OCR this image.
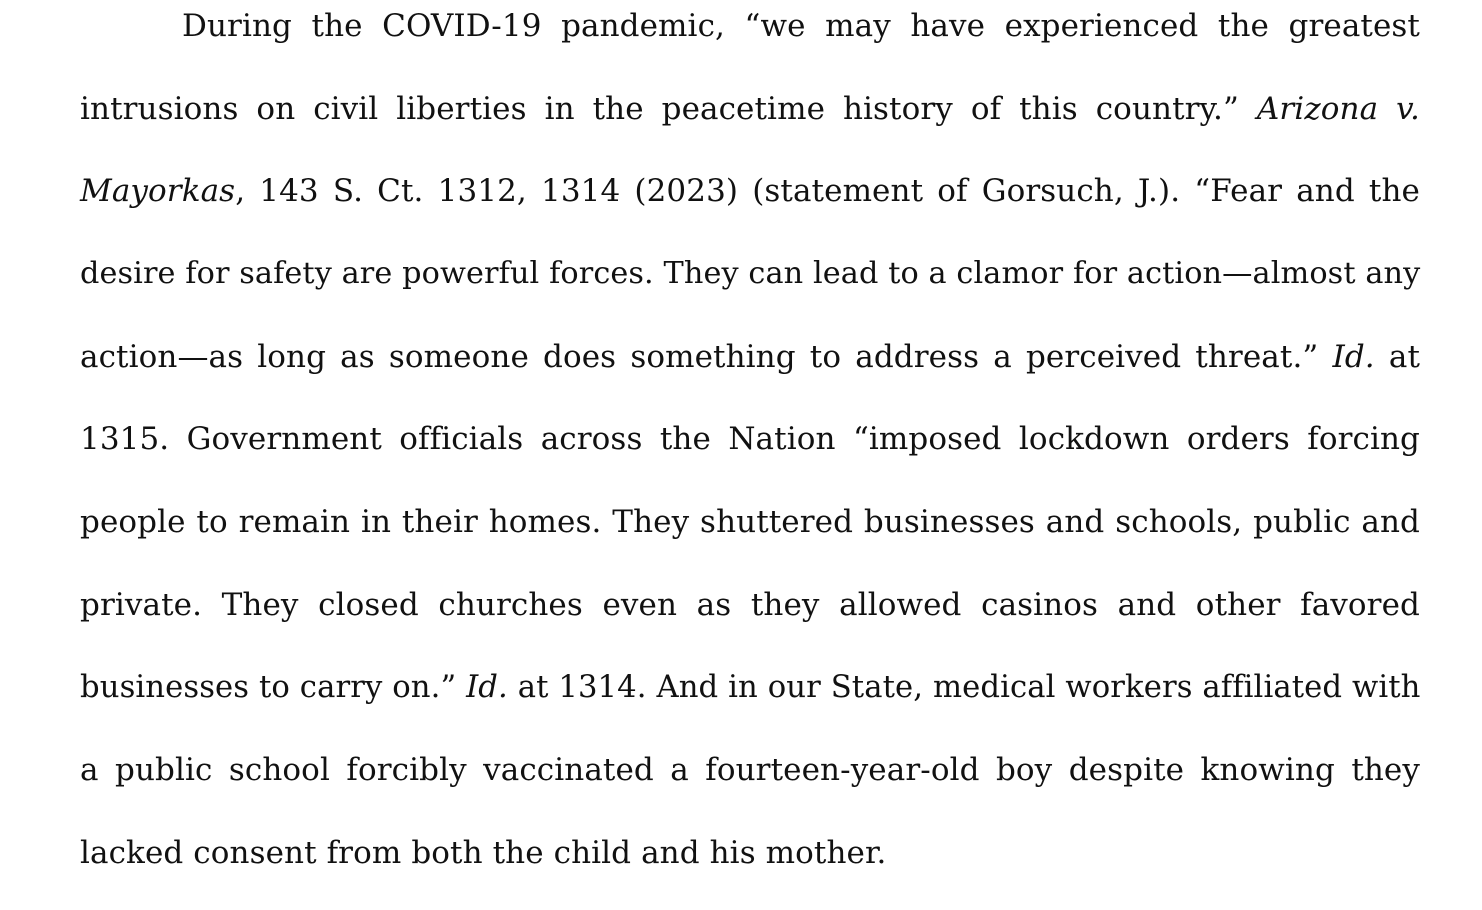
During the COVID-19 pandemic, “we may have experienced the greatest
intrusions on civil liberties in the peacetime history of this country.” Arizona v.
Mayorkas, 143 S. Ct. 1312, 1314 (2023) (statement of Gorsuch, J.). “Fear and the
desire for safety are powerful forces. They can lead to a clamor for action—almost any
action—as long as someone does something to address a perceived threat.” Id. at
1315. Government officials across the Nation “imposed lockdown orders forcing
people to remain in their homes. They shuttered businesses and schools, public and
private. They closed churches even as they allowed casinos and other favored
businesses to carry on.” Id. at 1314. And in our State, medical workers affiliated with
a public school forcibly vaccinated a fourteen-year-old boy despite knowing they
lacked consent from both the child and his mother.
